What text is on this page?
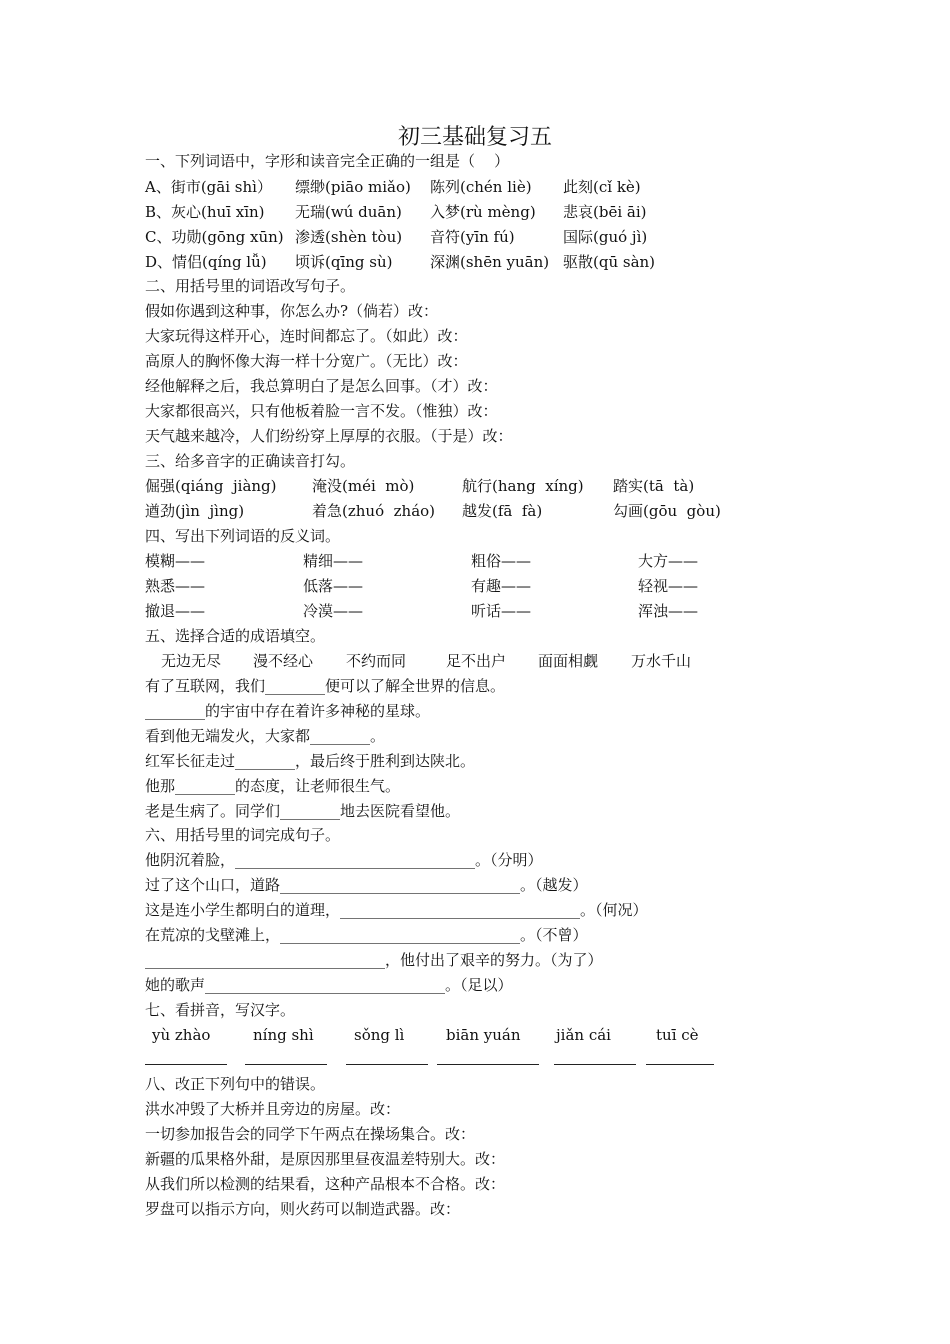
初三基础复习五
一、下列词语中，字形和读音完全正确的一组是（    ）
A、街市(gāi shì） 缥缈(piāo miǎo) 陈列(chén liè) 此刻(cǐ kè)
B、灰心(huī xīn) 无瑞(wú duān) 入梦(rù mèng) 悲哀(bēi āi)
C、功勋(gōng xūn) 渗透(shèn tòu) 音符(yīn fú)	国际(guó jì)
D、情侣(qíng lǚ) 顷诉(qīng sù)	深渊(shēn yuān) 驱散(qū sàn)
二、用括号里的词语改写句子。
假如你遇到这种事，你怎么办?（倘若）改：
大家玩得这样开心，连时间都忘了。（如此）改：
高原人的胸怀像大海一样十分宽广。（无比）改：
经他解释之后，我总算明白了是怎么回事。（才）改：
大家都很高兴，只有他板着脸一言不发。（惟独）改：
天气越来越冷，人们纷纷穿上厚厚的衣服。（于是）改：
三、给多音字的正确读音打勾。
倔强(qiáng  jiàng) 淹没(méi  mò)	航行(hang  xíng) 踏实(tā  tà)
遒劲(jìn  jìng)	着急(zhuó  zháo) 越发(fā  fà)	勾画(gōu  gòu)
四、写出下列词语的反义词。
模糊——	精细——	粗俗——	大方——
熟悉——	低落——	有趣——	轻视——
撤退——	冷漠——	听话——	浑浊——
五、选择合适的成语填空。
无边无尽 漫不经心 不约而同	足不出户 面面相觑 万水千山
有了互联网，我们________便可以了解全世界的信息。
________的宇宙中存在着许多神秘的星球。
看到他无端发火，大家都________。
红军长征走过________，最后终于胜利到达陕北。
他那________的态度，让老师很生气。
老是生病了。同学们________地去医院看望他。
六、用括号里的词完成句子。
他阴沉着脸，________________________________。（分明）
过了这个山口，道路________________________________。（越发）
这是连小学生都明白的道理，________________________________。（何况）
在荒凉的戈壁滩上，________________________________。（不曾）
________________________________，他付出了艰辛的努力。（为了）
她的歌声________________________________。（足以）
七、看拼音，写汉字。
yù zhào	níng shì	sǒng lì	biān yuán jiǎn cái	tuī cè
八、改正下列句中的错误。
洪水冲毁了大桥并且旁边的房屋。改：
一切参加报告会的同学下午两点在操场集合。改：
新疆的瓜果格外甜，是原因那里昼夜温差特别大。改：
从我们所以检测的结果看，这种产品根本不合格。改：
罗盘可以指示方向，则火药可以制造武器。改：
